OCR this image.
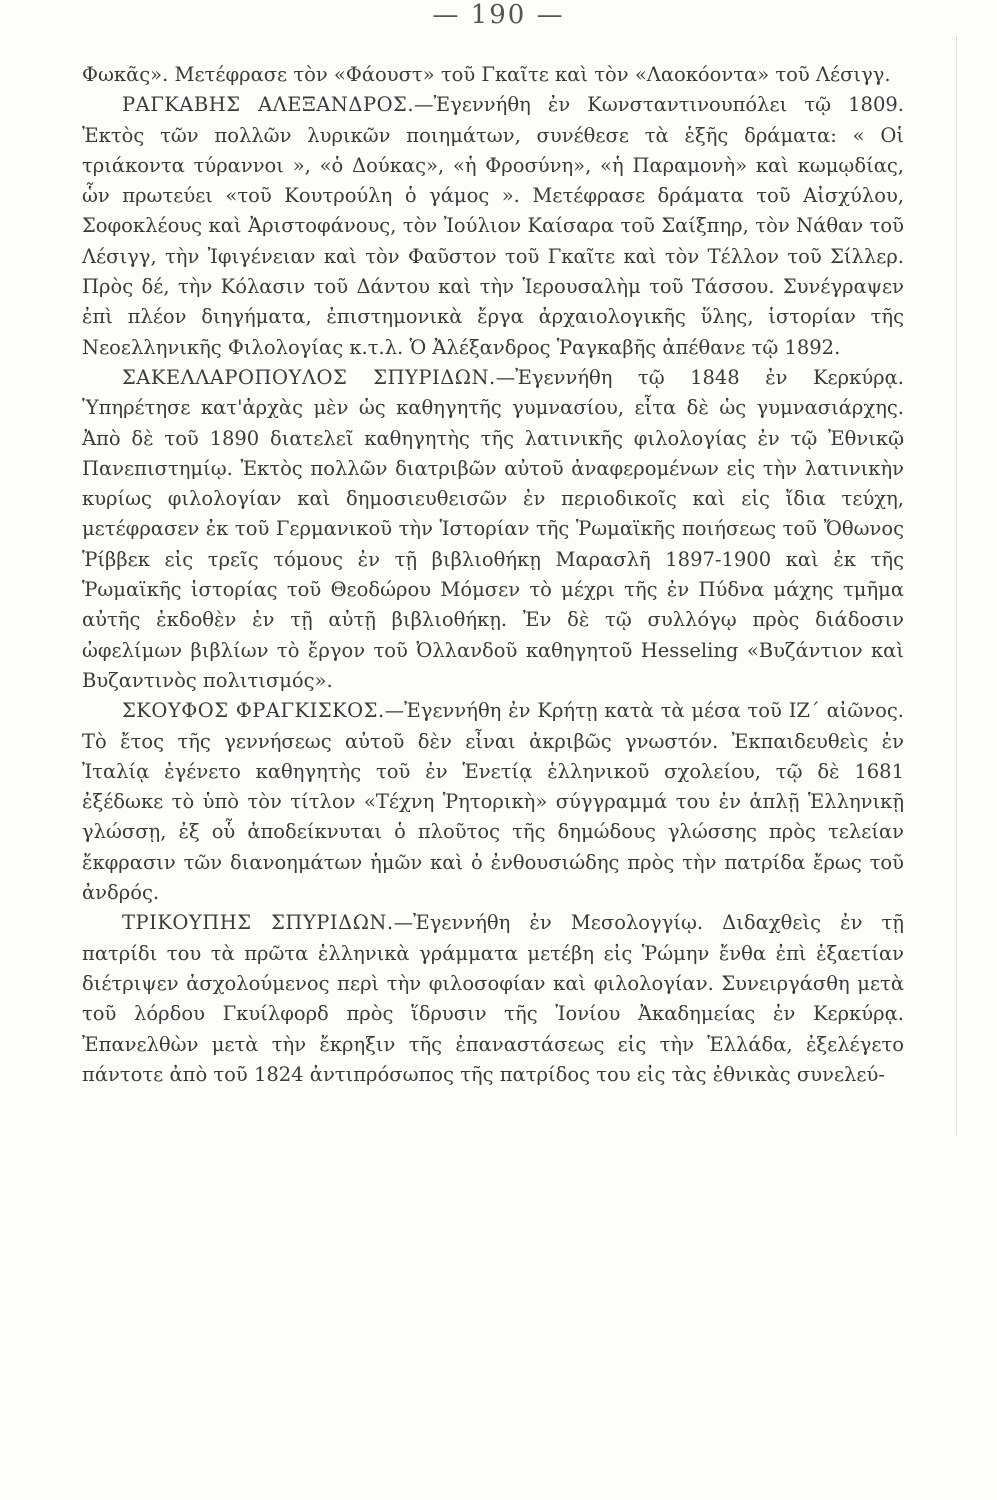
— 190 —

Φωκᾶς». Μετέφρασε τὸν «Φάουστ» τοῦ Γκαῖτε καὶ τὸν «Λαοκόοντα» τοῦ Λέσιγγ.

ΡΑΓΚΑΒΗΣ ΑΛΕΞΑΝΔΡΟΣ.—Ἐγεννήθη ἐν Κωνσταντινουπόλει τῷ 1809. Ἐκτὸς τῶν πολλῶν λυρικῶν ποιημάτων, συνέθεσε τὰ ἑξῆς δράματα: « Οἱ τριάκοντα τύραννοι », «ὁ Δούκας», «ἡ Φροσύνη», «ἡ Παραμονὴ» καὶ κωμῳδίας, ὧν πρωτεύει «τοῦ Κουτρούλη ὁ γάμος ». Μετέφρασε δράματα τοῦ Αἰσχύλου, Σοφοκλέους καὶ Ἀριστοφάνους, τὸν Ἰούλιον Καίσαρα τοῦ Σαίξπηρ, τὸν Νάθαν τοῦ Λέσιγγ, τὴν Ἰφιγένειαν καὶ τὸν Φαῦστον τοῦ Γκαῖτε καὶ τὸν Τέλλον τοῦ Σίλλερ. Πρὸς δέ, τὴν Κόλασιν τοῦ Δάντου καὶ τὴν Ἱερουσαλὴμ τοῦ Τάσσου. Συνέγραψεν ἐπὶ πλέον διηγήματα, ἐπιστημονικὰ ἔργα ἀρχαιολογικῆς ὕλης, ἱστορίαν τῆς Νεοελληνικῆς Φιλολογίας κ.τ.λ. Ὁ Ἀλέξανδρος Ῥαγκαβῆς ἀπέθανε τῷ 1892.

ΣΑΚΕΛΛΑΡΟΠΟΥΛΟΣ ΣΠΥΡΙΔΩΝ.—Ἐγεννήθη τῷ 1848 ἐν Κερκύρᾳ. Ὑπηρέτησε κατ'ἀρχὰς μὲν ὡς καθηγητῆς γυμνασίου, εἶτα δὲ ὡς γυμνασιάρχης. Ἀπὸ δὲ τοῦ 1890 διατελεῖ καθηγητὴς τῆς λατινικῆς φιλολογίας ἐν τῷ Ἐθνικῷ Πανεπιστημίῳ. Ἐκτὸς πολλῶν διατριβῶν αὐτοῦ ἀναφερομένων εἰς τὴν λατινικὴν κυρίως φιλολογίαν καὶ δημοσιευθεισῶν ἐν περιοδικοῖς καὶ εἰς ἴδια τεύχη, μετέφρασεν ἐκ τοῦ Γερμανικοῦ τὴν Ἱστορίαν τῆς Ῥωμαϊκῆς ποιήσεως τοῦ Ὄθωνος Ῥίββεκ εἰς τρεῖς τόμους ἐν τῇ βιβλιοθήκῃ Μαρασλῆ 1897-1900 καὶ ἐκ τῆς Ῥωμαϊκῆς ἱστορίας τοῦ Θεοδώρου Μόμσεν τὸ μέχρι τῆς ἐν Πύδνα μάχης τμῆμα αὐτῆς ἐκδοθὲν ἐν τῇ αὐτῇ βιβλιοθήκῃ. Ἐν δὲ τῷ συλλόγῳ πρὸς διάδοσιν ὠφελίμων βιβλίων τὸ ἔργον τοῦ Ὀλλανδοῦ καθηγητοῦ Hesseling «Βυζάντιον καὶ Βυζαντινὸς πολιτισμός».

ΣΚΟΥΦΟΣ ΦΡΑΓΚΙΣΚΟΣ.—Ἐγεννήθη ἐν Κρήτῃ κατὰ τὰ μέσα τοῦ ΙΖ΄ αἰῶνος. Τὸ ἔτος τῆς γεννήσεως αὐτοῦ δὲν εἶναι ἀκριβῶς γνωστόν. Ἐκπαιδευθεὶς ἐν Ἰταλίᾳ ἐγένετο καθηγητὴς τοῦ ἐν Ἑνετίᾳ ἑλληνικοῦ σχολείου, τῷ δὲ 1681 ἐξέδωκε τὸ ὑπὸ τὸν τίτλον «Τέχνη Ῥητορικὴ» σύγγραμμά του ἐν ἁπλῇ Ἑλληνικῇ γλώσσῃ, ἐξ οὗ ἀποδείκνυται ὁ πλοῦτος τῆς δημώδους γλώσσης πρὸς τελείαν ἔκφρασιν τῶν διανοημάτων ἡμῶν καὶ ὁ ἐνθουσιώδης πρὸς τὴν πατρίδα ἔρως τοῦ ἀνδρός.

ΤΡΙΚΟΥΠΗΣ ΣΠΥΡΙΔΩΝ.—Ἐγεννήθη ἐν Μεσολογγίῳ. Διδαχθεὶς ἐν τῇ πατρίδι του τὰ πρῶτα ἑλληνικὰ γράμματα μετέβη εἰς Ῥώμην ἔνθα ἐπὶ ἑξαετίαν διέτριψεν ἀσχολούμενος περὶ τὴν φιλοσοφίαν καὶ φιλολογίαν. Συνειργάσθη μετὰ τοῦ λόρδου Γκυίλφορδ πρὸς ἵδρυσιν τῆς Ἰονίου Ἀκαδημείας ἐν Κερκύρᾳ. Ἐπανελθὼν μετὰ τὴν ἔκρηξιν τῆς ἐπαναστάσεως εἰς τὴν Ἑλλάδα, ἐξελέγετο πάντοτε ἀπὸ τοῦ 1824 ἀντιπρόσωπος τῆς πατρίδος του εἰς τὰς ἐθνικὰς συνελεύ-
